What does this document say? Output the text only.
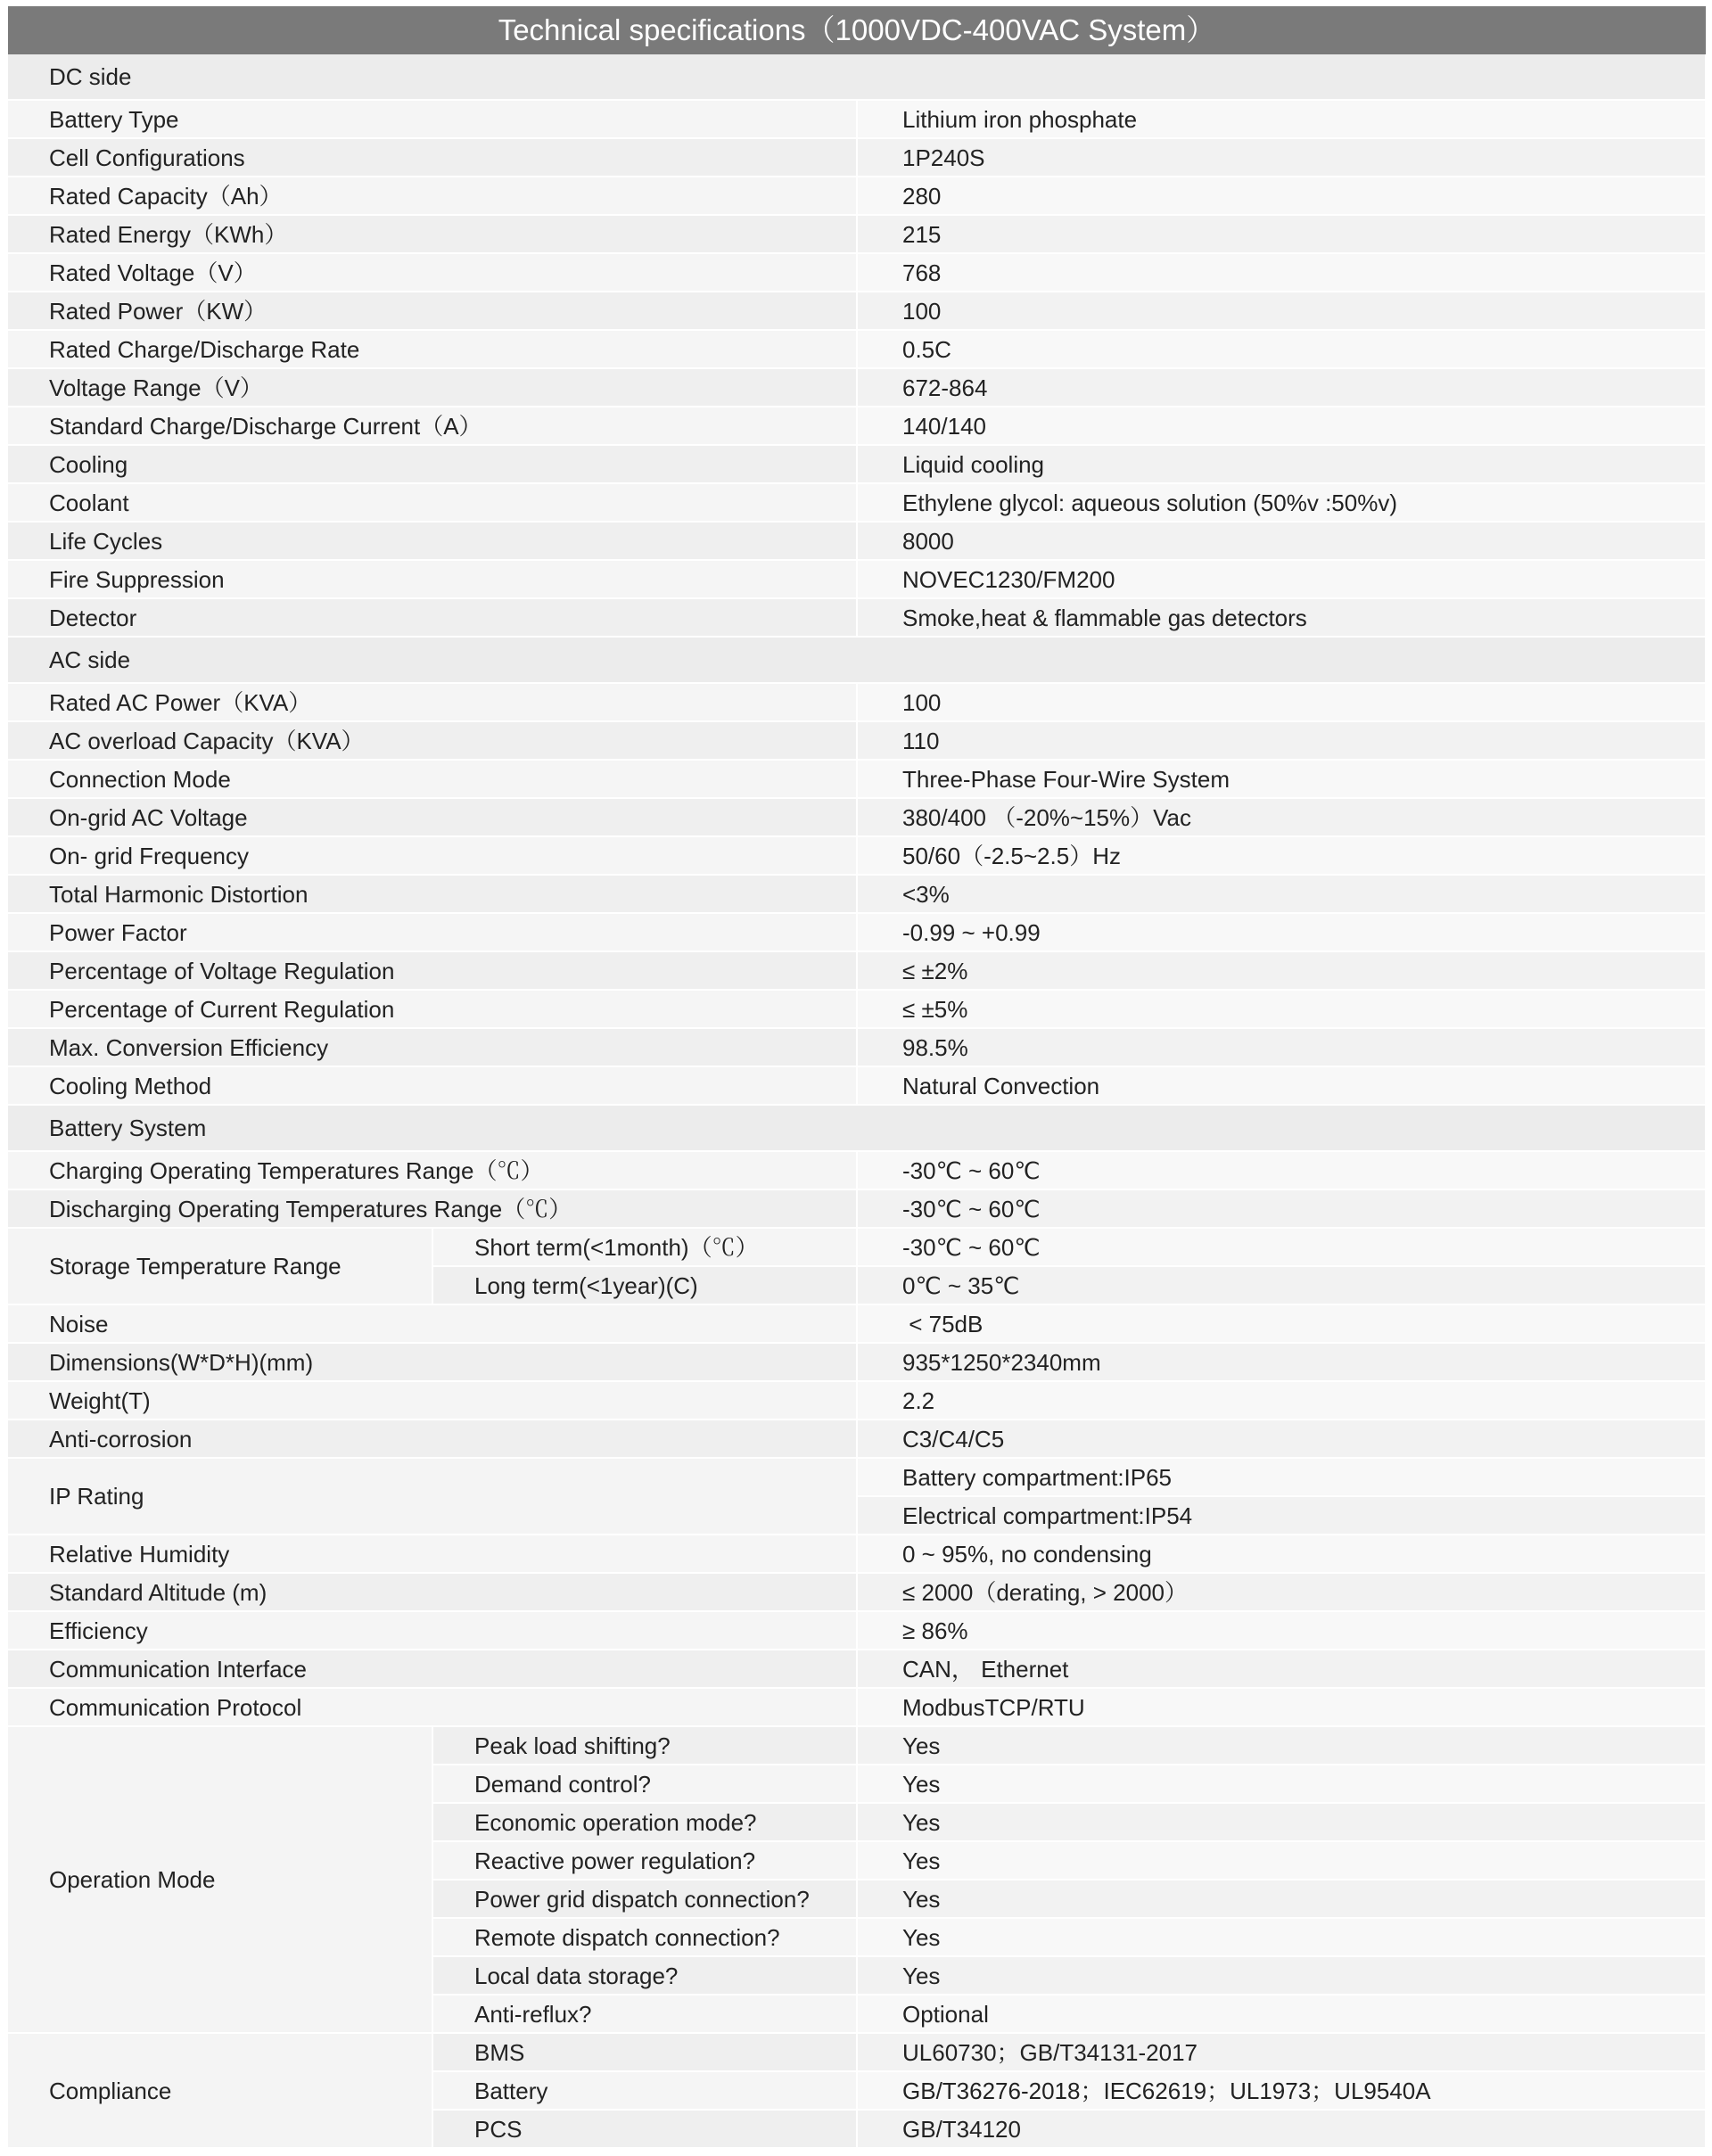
Technical specifications（1000VDC-400VAC System）
DC side		
Battery Type		Lithium iron phosphate
Cell Configurations		1P240S
Rated Capacity（Ah）		280
Rated Energy（KWh）		215
Rated Voltage（V）		768
Rated Power（KW）		100
Rated Charge/Discharge Rate		0.5C
Voltage Range（V）		672-864
Standard Charge/Discharge Current（A）		140/140
Cooling		Liquid cooling
Coolant		Ethylene glycol: aqueous solution (50%v :50%v)
Life Cycles		8000
Fire Suppression		NOVEC1230/FM200
Detector		Smoke,heat & flammable gas detectors
AC side		
Rated AC Power（KVA）		100
AC overload Capacity（KVA）		110
Connection Mode		Three-Phase Four-Wire System
On-grid AC Voltage		380/400 （-20%~15%）Vac
On- grid Frequency		50/60（-2.5~2.5）Hz
Total Harmonic Distortion		<3%
Power Factor		-0.99 ~ +0.99
Percentage of Voltage Regulation		≤ ±2%
Percentage of Current Regulation		≤ ±5%
Max. Conversion Efficiency		98.5%
Cooling Method		Natural Convection
Battery System		
Charging Operating Temperatures Range（℃）		-30℃ ~ 60℃
Discharging Operating Temperatures Range（℃）		-30℃ ~ 60℃
Storage Temperature Range	Short term(<1month)（℃）	-30℃ ~ 60℃
	Long term(<1year)(C)	0℃ ~ 35℃
Noise		< 75dB
Dimensions(W*D*H)(mm)		935*1250*2340mm
Weight(T)		2.2
Anti-corrosion		C3/C4/C5
IP Rating		Battery compartment:IP65
		Electrical compartment:IP54
Relative Humidity		0 ~ 95%, no condensing
Standard Altitude (m)		≤ 2000（derating, > 2000）
Efficiency		≥ 86%
Communication Interface		CAN， Ethernet
Communication Protocol		ModbusTCP/RTU
Operation Mode	Peak load shifting?	Yes
	Demand control?	Yes
	Economic operation mode?	Yes
	Reactive power regulation?	Yes
	Power grid dispatch connection?	Yes
	Remote dispatch connection?	Yes
	Local data storage?	Yes
	Anti-reflux?	Optional
Compliance	BMS	UL60730；GB/T34131-2017
	Battery	GB/T36276-2018；IEC62619；UL1973；UL9540A
	PCS	GB/T34120
